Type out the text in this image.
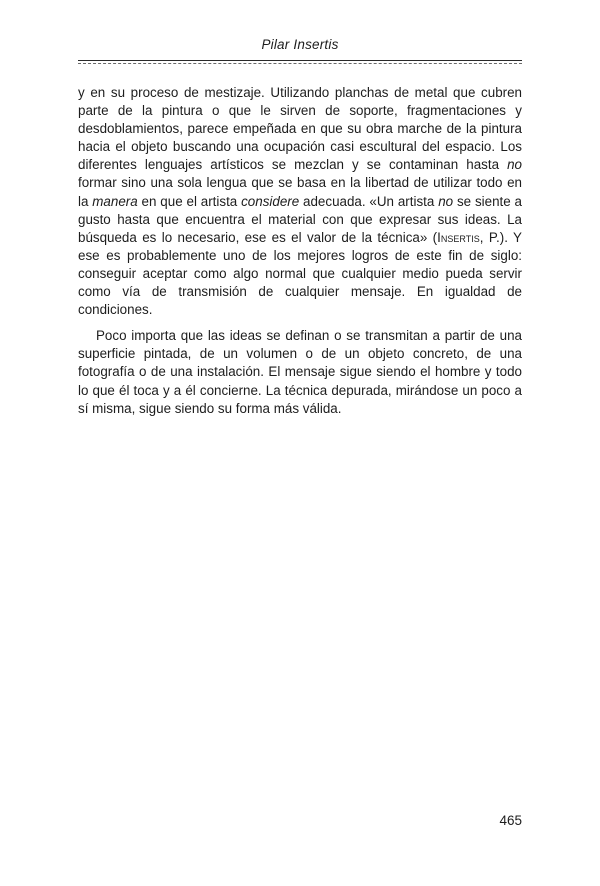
Pilar Insertis

y en su proceso de mestizaje. Utilizando planchas de metal que cubren parte de la pintura o que le sirven de soporte, fragmentaciones y desdoblamientos, parece empeñada en que su obra marche de la pintura hacia el objeto buscando una ocupación casi escultural del espacio. Los diferentes lenguajes artísticos se mezclan y se contaminan hasta no formar sino una sola lengua que se basa en la libertad de utilizar todo en la manera en que el artista considere adecuada. «Un artista no se siente a gusto hasta que encuentra el material con que expresar sus ideas. La búsqueda es lo necesario, ese es el valor de la técnica» (Insertis, P.). Y ese es probablemente uno de los mejores logros de este fin de siglo: conseguir aceptar como algo normal que cualquier medio pueda servir como vía de transmisión de cualquier mensaje. En igualdad de condiciones.

Poco importa que las ideas se definan o se transmitan a partir de una superficie pintada, de un volumen o de un objeto concreto, de una fotografía o de una instalación. El mensaje sigue siendo el hombre y todo lo que él toca y a él concierne. La técnica depurada, mirándose un poco a sí misma, sigue siendo su forma más válida.

465
